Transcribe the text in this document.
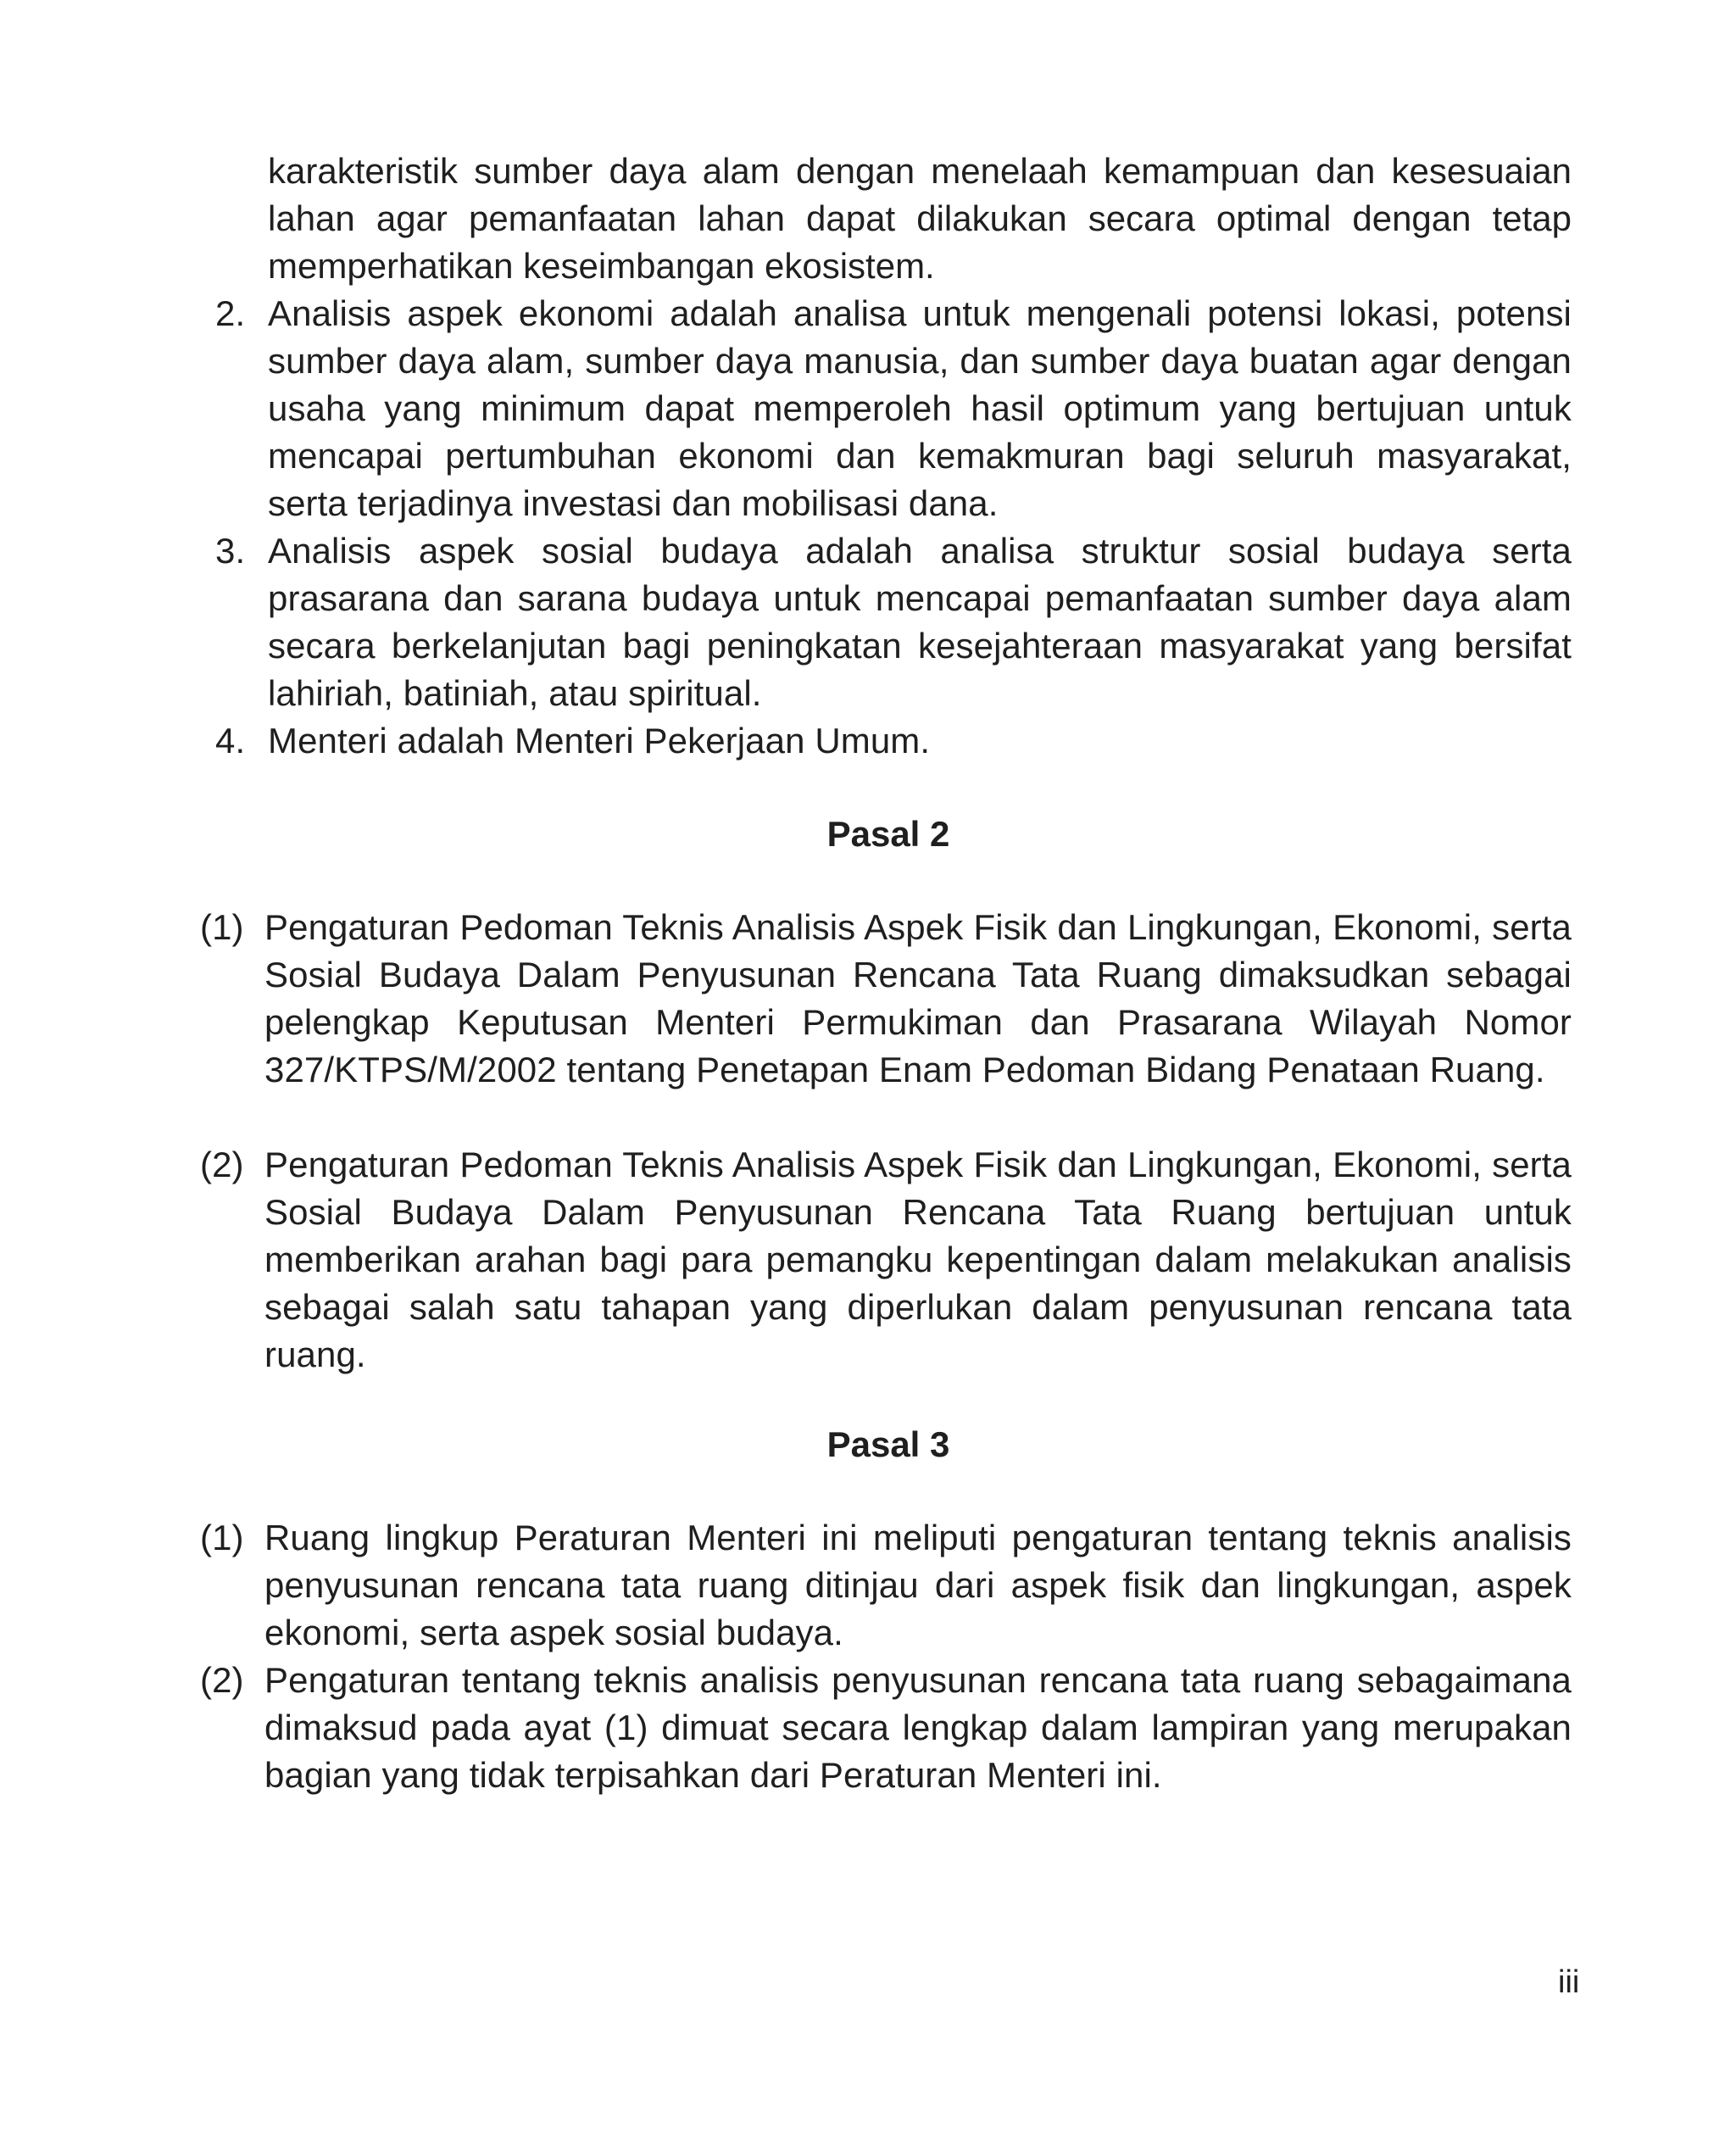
karakteristik sumber daya alam dengan menelaah kemampuan dan kesesuaian lahan agar pemanfaatan lahan dapat dilakukan secara optimal dengan tetap memperhatikan keseimbangan ekosistem.
2. Analisis aspek ekonomi adalah analisa untuk mengenali potensi lokasi, potensi sumber daya alam, sumber daya manusia, dan sumber daya buatan agar dengan usaha yang minimum dapat memperoleh hasil optimum yang bertujuan untuk mencapai pertumbuhan ekonomi dan kemakmuran bagi seluruh masyarakat, serta terjadinya investasi dan mobilisasi dana.
3. Analisis aspek sosial budaya adalah analisa struktur sosial budaya serta prasarana dan sarana budaya untuk mencapai pemanfaatan sumber daya alam secara berkelanjutan bagi peningkatan kesejahteraan masyarakat yang bersifat lahiriah, batiniah, atau spiritual.
4. Menteri adalah Menteri Pekerjaan Umum.
Pasal 2
(1) Pengaturan Pedoman Teknis Analisis Aspek Fisik dan Lingkungan, Ekonomi, serta Sosial Budaya Dalam Penyusunan Rencana Tata Ruang dimaksudkan sebagai pelengkap Keputusan Menteri Permukiman dan Prasarana Wilayah Nomor 327/KTPS/M/2002 tentang Penetapan Enam Pedoman Bidang Penataan Ruang.
(2) Pengaturan Pedoman Teknis Analisis Aspek Fisik dan Lingkungan, Ekonomi, serta Sosial Budaya Dalam Penyusunan Rencana Tata Ruang bertujuan untuk memberikan arahan bagi para pemangku kepentingan dalam melakukan analisis sebagai salah satu tahapan yang diperlukan dalam penyusunan rencana tata ruang.
Pasal 3
(1) Ruang lingkup Peraturan Menteri ini meliputi pengaturan tentang teknis analisis penyusunan rencana tata ruang ditinjau dari aspek fisik dan lingkungan, aspek ekonomi, serta aspek sosial budaya.
(2) Pengaturan tentang teknis analisis penyusunan rencana tata ruang sebagaimana dimaksud pada ayat (1) dimuat secara lengkap dalam lampiran yang merupakan bagian yang tidak terpisahkan dari Peraturan Menteri ini.
iii
